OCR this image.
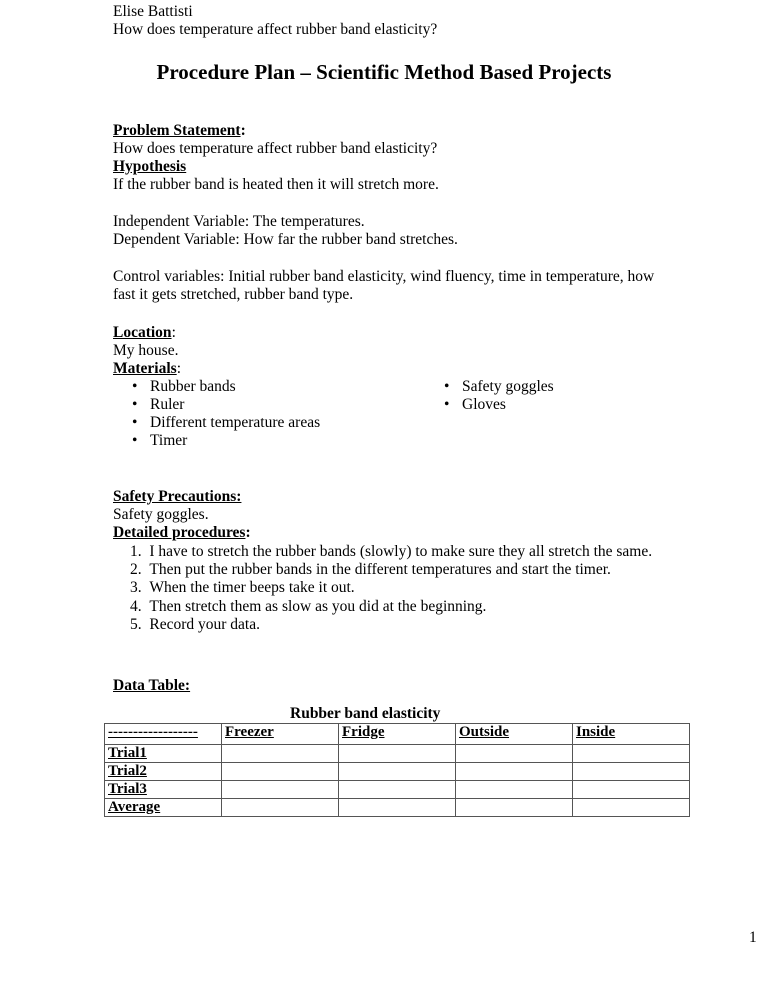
Elise Battisti
How does temperature affect rubber band elasticity?
Procedure Plan – Scientific Method Based Projects
Problem Statement:
How does temperature affect rubber band elasticity?
Hypothesis
If the rubber band is heated then it will stretch more.
Independent Variable: The temperatures.
Dependent Variable: How far the rubber band stretches.
Control variables: Initial rubber band elasticity, wind fluency, time in temperature, how
fast it gets stretched, rubber band type.
Location:
My house.
Materials:
• Rubber bands
• Ruler
• Different temperature areas
• Timer
• Safety goggles
• Gloves
Safety Precautions:
Safety goggles.
Detailed procedures:
1.  I have to stretch the rubber bands (slowly) to make sure they all stretch the same.
2.  Then put the rubber bands in the different temperatures and start the timer.
3.  When the timer beeps take it out.
4.  Then stretch them as slow as you did at the beginning.
5.  Record your data.
Data Table:
Rubber band elasticity
------------------	Freezer	Fridge	Outside	Inside
Trial1				
Trial2				
Trial3				
Average				
1
